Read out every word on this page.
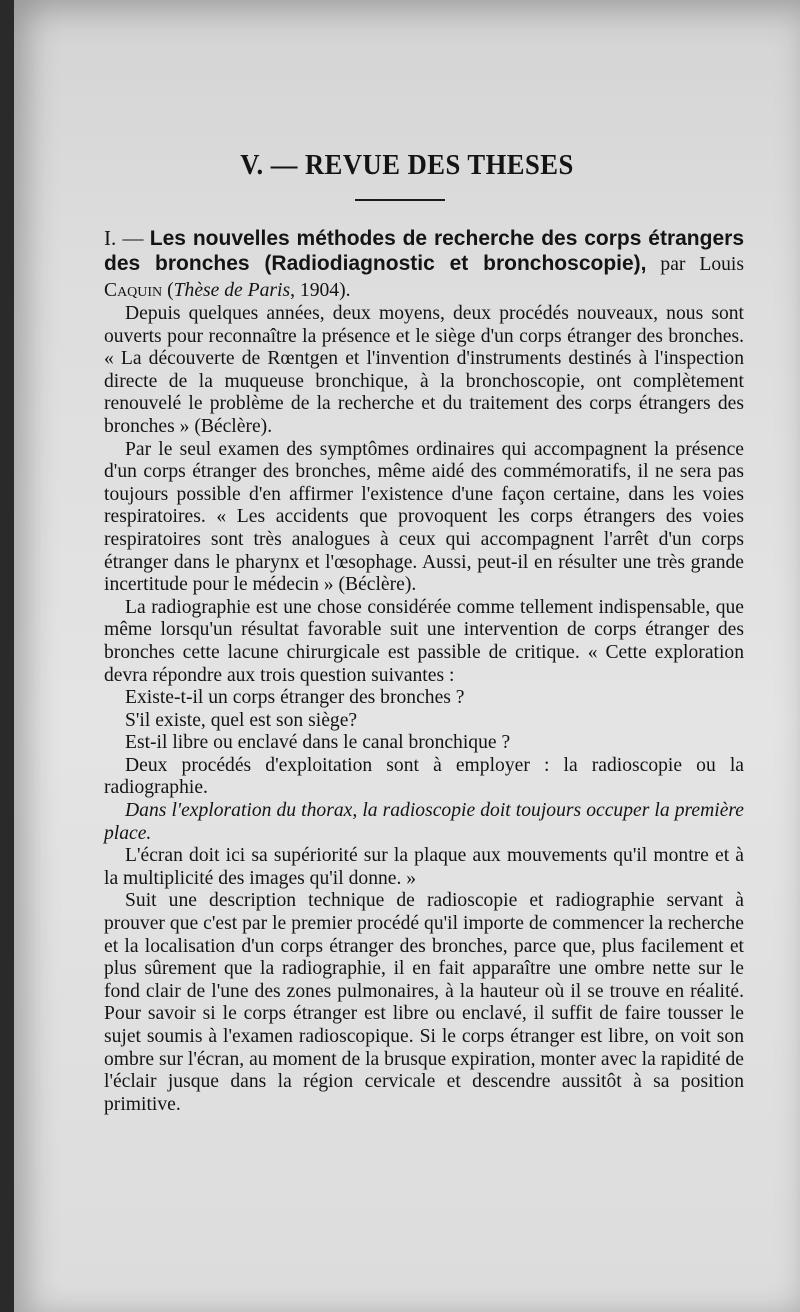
V. — REVUE DES THESES

I. — Les nouvelles méthodes de recherche des corps étrangers des bronches (Radiodiagnostic et bronchoscopie), par Louis Caquin (Thèse de Paris, 1904).

Depuis quelques années, deux moyens, deux procédés nouveaux, nous sont ouverts pour reconnaître la présence et le siège d'un corps étranger des bronches. « La découverte de Rœntgen et l'invention d'instruments destinés à l'inspection directe de la muqueuse bronchique, à la bronchoscopie, ont complètement renouvelé le problème de la recherche et du traitement des corps étrangers des bronches » (Béclère).

Par le seul examen des symptômes ordinaires qui accompagnent la présence d'un corps étranger des bronches, même aidé des commémoratifs, il ne sera pas toujours possible d'en affirmer l'existence d'une façon certaine, dans les voies respiratoires. « Les accidents que provoquent les corps étrangers des voies respiratoires sont très analogues à ceux qui accompagnent l'arrêt d'un corps étranger dans le pharynx et l'œsophage. Aussi, peut-il en résulter une très grande incertitude pour le médecin » (Béclère).

La radiographie est une chose considérée comme tellement indispensable, que même lorsqu'un résultat favorable suit une intervention de corps étranger des bronches cette lacune chirurgicale est passible de critique. « Cette exploration devra répondre aux trois question suivantes :

Existe-t-il un corps étranger des bronches ?

S'il existe, quel est son siège?

Est-il libre ou enclavé dans le canal bronchique ?

Deux procédés d'exploitation sont à employer : la radioscopie ou la radiographie.

Dans l'exploration du thorax, la radioscopie doit toujours occuper la première place.

L'écran doit ici sa supériorité sur la plaque aux mouvements qu'il montre et à la multiplicité des images qu'il donne. »

Suit une description technique de radioscopie et radiographie servant à prouver que c'est par le premier procédé qu'il importe de commencer la recherche et la localisation d'un corps étranger des bronches, parce que, plus facilement et plus sûrement que la radiographie, il en fait apparaître une ombre nette sur le fond clair de l'une des zones pulmonaires, à la hauteur où il se trouve en réalité. Pour savoir si le corps étranger est libre ou enclavé, il suffit de faire tousser le sujet soumis à l'examen radioscopique. Si le corps étranger est libre, on voit son ombre sur l'écran, au moment de la brusque expiration, monter avec la rapidité de l'éclair jusque dans la région cervicale et descendre aussitôt à sa position primitive.
